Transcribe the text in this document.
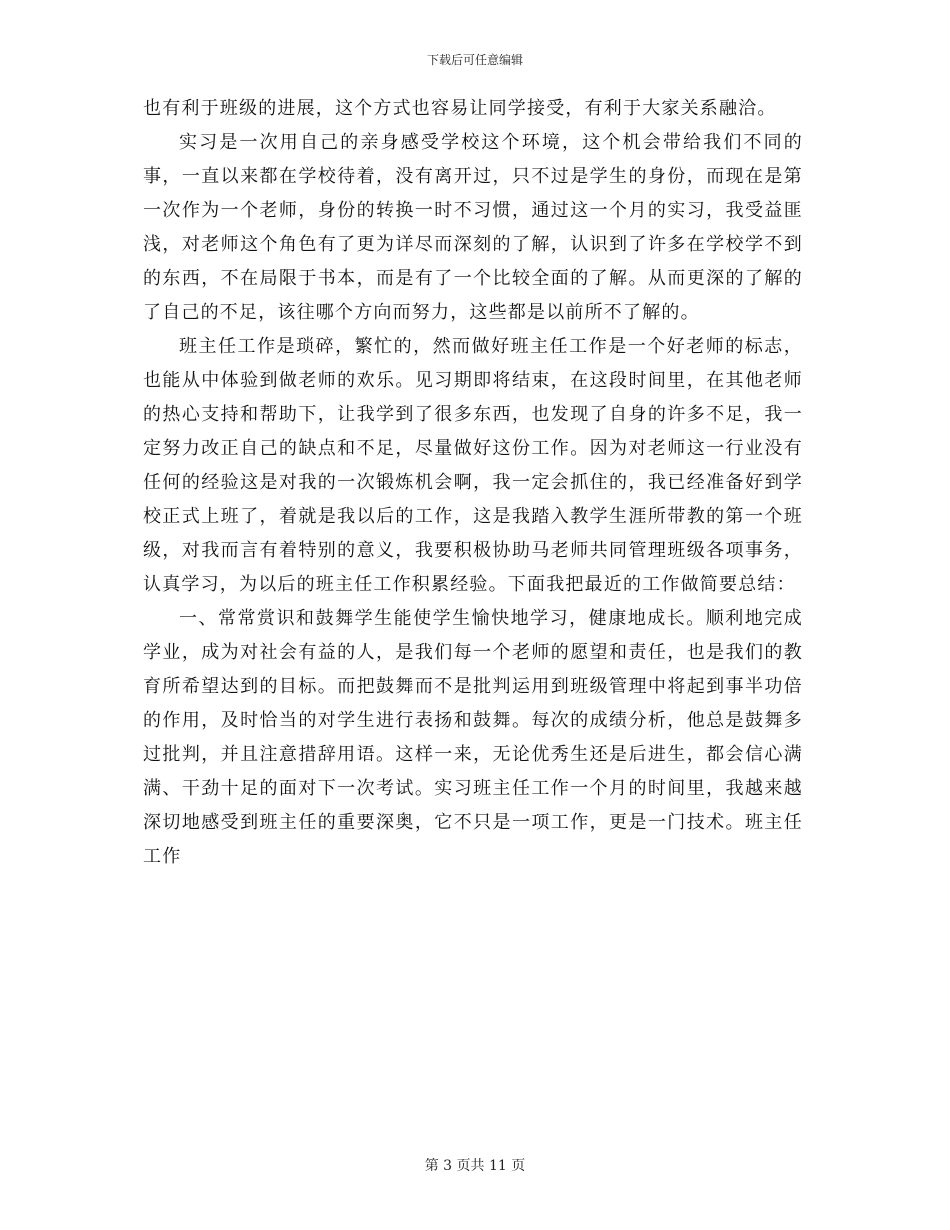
下载后可任意编辑

也有利于班级的进展，这个方式也容易让同学接受，有利于大家关系融洽。

实习是一次用自己的亲身感受学校这个环境，这个机会带给我们不同的事，一直以来都在学校待着，没有离开过，只不过是学生的身份，而现在是第一次作为一个老师，身份的转换一时不习惯，通过这一个月的实习，我受益匪浅，对老师这个角色有了更为详尽而深刻的了解，认识到了许多在学校学不到的东西，不在局限于书本，而是有了一个比较全面的了解。从而更深的了解的了自己的不足，该往哪个方向而努力，这些都是以前所不了解的。

班主任工作是琐碎，繁忙的，然而做好班主任工作是一个好老师的标志，也能从中体验到做老师的欢乐。见习期即将结束，在这段时间里，在其他老师的热心支持和帮助下，让我学到了很多东西，也发现了自身的许多不足，我一定努力改正自己的缺点和不足，尽量做好这份工作。因为对老师这一行业没有任何的经验这是对我的一次锻炼机会啊，我一定会抓住的，我已经准备好到学校正式上班了，着就是我以后的工作，这是我踏入教学生涯所带教的第一个班级，对我而言有着特别的意义，我要积极协助马老师共同管理班级各项事务，认真学习，为以后的班主任工作积累经验。下面我把最近的工作做简要总结：

一、常常赏识和鼓舞学生能使学生愉快地学习，健康地成长。顺利地完成学业，成为对社会有益的人，是我们每一个老师的愿望和责任，也是我们的教育所希望达到的目标。而把鼓舞而不是批判运用到班级管理中将起到事半功倍的作用，及时恰当的对学生进行表扬和鼓舞。每次的成绩分析，他总是鼓舞多过批判，并且注意措辞用语。这样一来，无论优秀生还是后进生，都会信心满满、干劲十足的面对下一次考试。实习班主任工作一个月的时间里，我越来越深切地感受到班主任的重要深奥，它不只是一项工作，更是一门技术。班主任工作

第 3 页共 11 页
